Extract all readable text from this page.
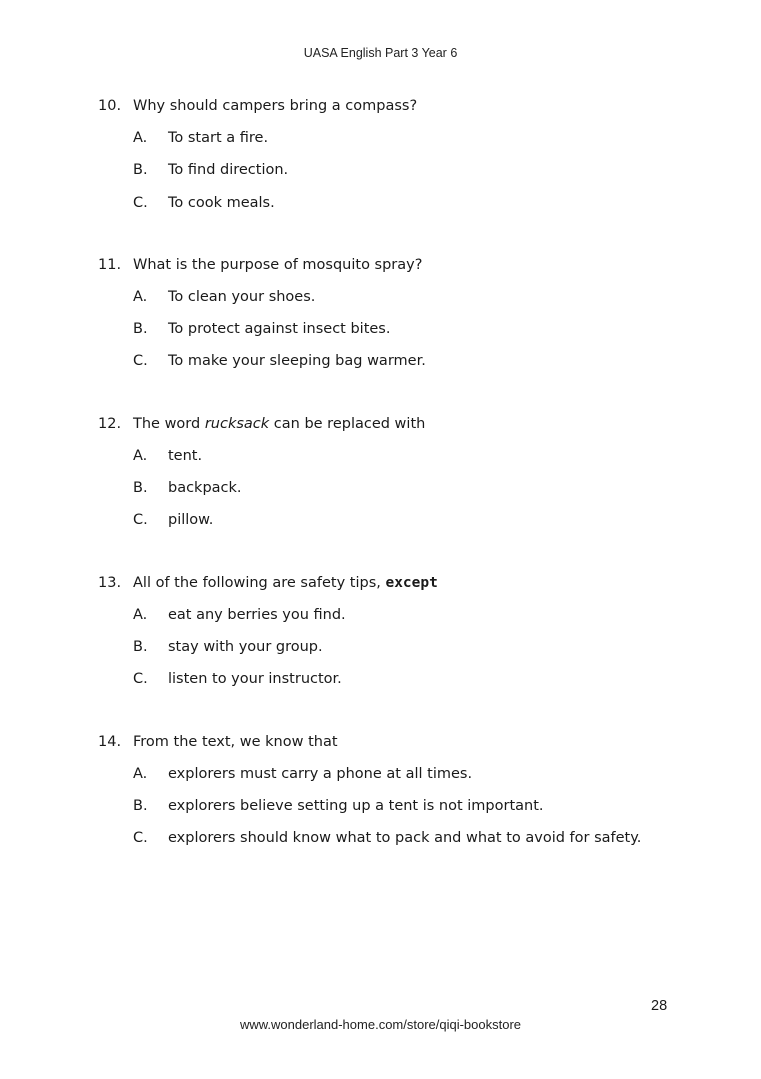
UASA English Part 3 Year 6
10. Why should campers bring a compass?
A.	To start a fire.
B.	To find direction.
C.	To cook meals.
11. What is the purpose of mosquito spray?
A.	To clean your shoes.
B.	To protect against insect bites.
C.	To make your sleeping bag warmer.
12. The word rucksack can be replaced with
A.	tent.
B.	backpack.
C.	pillow.
13. All of the following are safety tips, except
A.	eat any berries you find.
B.	stay with your group.
C.	listen to your instructor.
14. From the text, we know that
A.	explorers must carry a phone at all times.
B.	explorers believe setting up a tent is not important.
C.	explorers should know what to pack and what to avoid for safety.
28
www.wonderland-home.com/store/qiqi-bookstore
